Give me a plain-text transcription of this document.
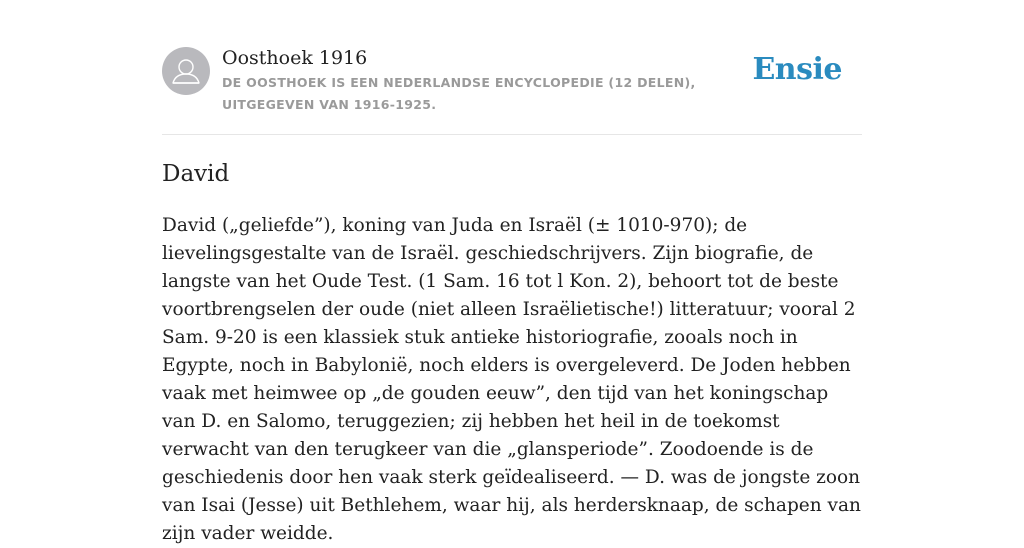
Oosthoek 1916
DE OOSTHOEK IS EEN NEDERLANDSE ENCYCLOPEDIE (12 DELEN), UITGEGEVEN VAN 1916-1925.
Ensie
David

David („geliefde”), koning van Juda en Israël (± 1010-970); de lievelingsgestalte van de Israël. geschiedschrijvers. Zijn biografie, de langste van het Oude Test. (1 Sam. 16 tot l Kon. 2), behoort tot de beste voortbrengselen der oude (niet alleen Israëlietische!) litteratuur; vooral 2 Sam. 9-20 is een klassiek stuk antieke historiografie, zooals noch in Egypte, noch in Babylonië, noch elders is overgeleverd. De Joden hebben vaak met heimwee op „de gouden eeuw”, den tijd van het koningschap van D. en Salomo, teruggezien; zij hebben het heil in de toekomst verwacht van den terugkeer van die „glansperiode”. Zoodoende is de geschiedenis door hen vaak sterk geïdealiseerd. — D. was de jongste zoon van Isai (Jesse) uit Bethlehem, waar hij, als herdersknaap, de schapen van zijn vader weidde.
